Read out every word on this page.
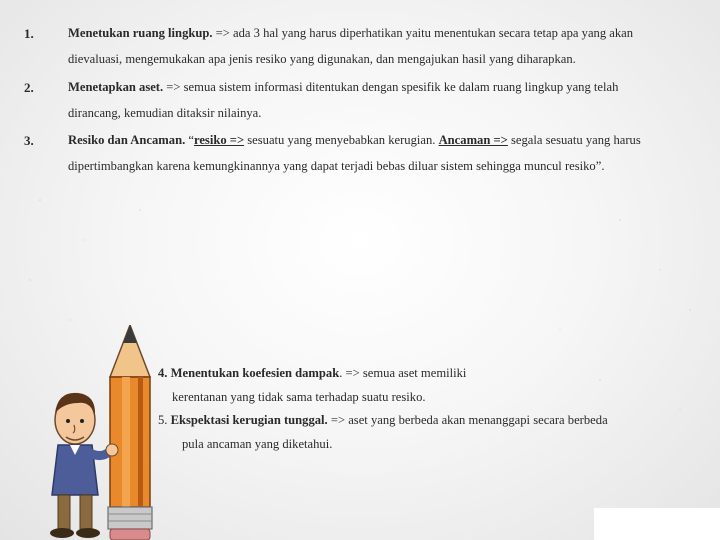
1.	Menetukan ruang lingkup. => ada 3 hal yang harus diperhatikan yaitu menentukan secara tetap apa yang akan
dievaluasi, mengemukakan apa jenis resiko yang digunakan, dan mengajukan hasil yang diharapkan.
2.	Menetapkan aset. => semua sistem informasi ditentukan dengan spesifik ke dalam ruang lingkup yang telah
dirancang, kemudian ditaksir nilainya.
3.	Resiko dan Ancaman. “resiko => sesuatu yang menyebabkan kerugian. Ancaman => segala sesuatu yang harus
dipertimbangkan karena kemungkinannya yang dapat terjadi bebas diluar sistem sehingga muncul resiko”.
4. Menentukan koefesien dampak. => semua aset memiliki
kerentanan yang tidak sama terhadap suatu resiko.
5. Ekspektasi kerugian tunggal. => aset yang berbeda akan menanggapi secara berbeda
pula ancaman yang diketahui.
